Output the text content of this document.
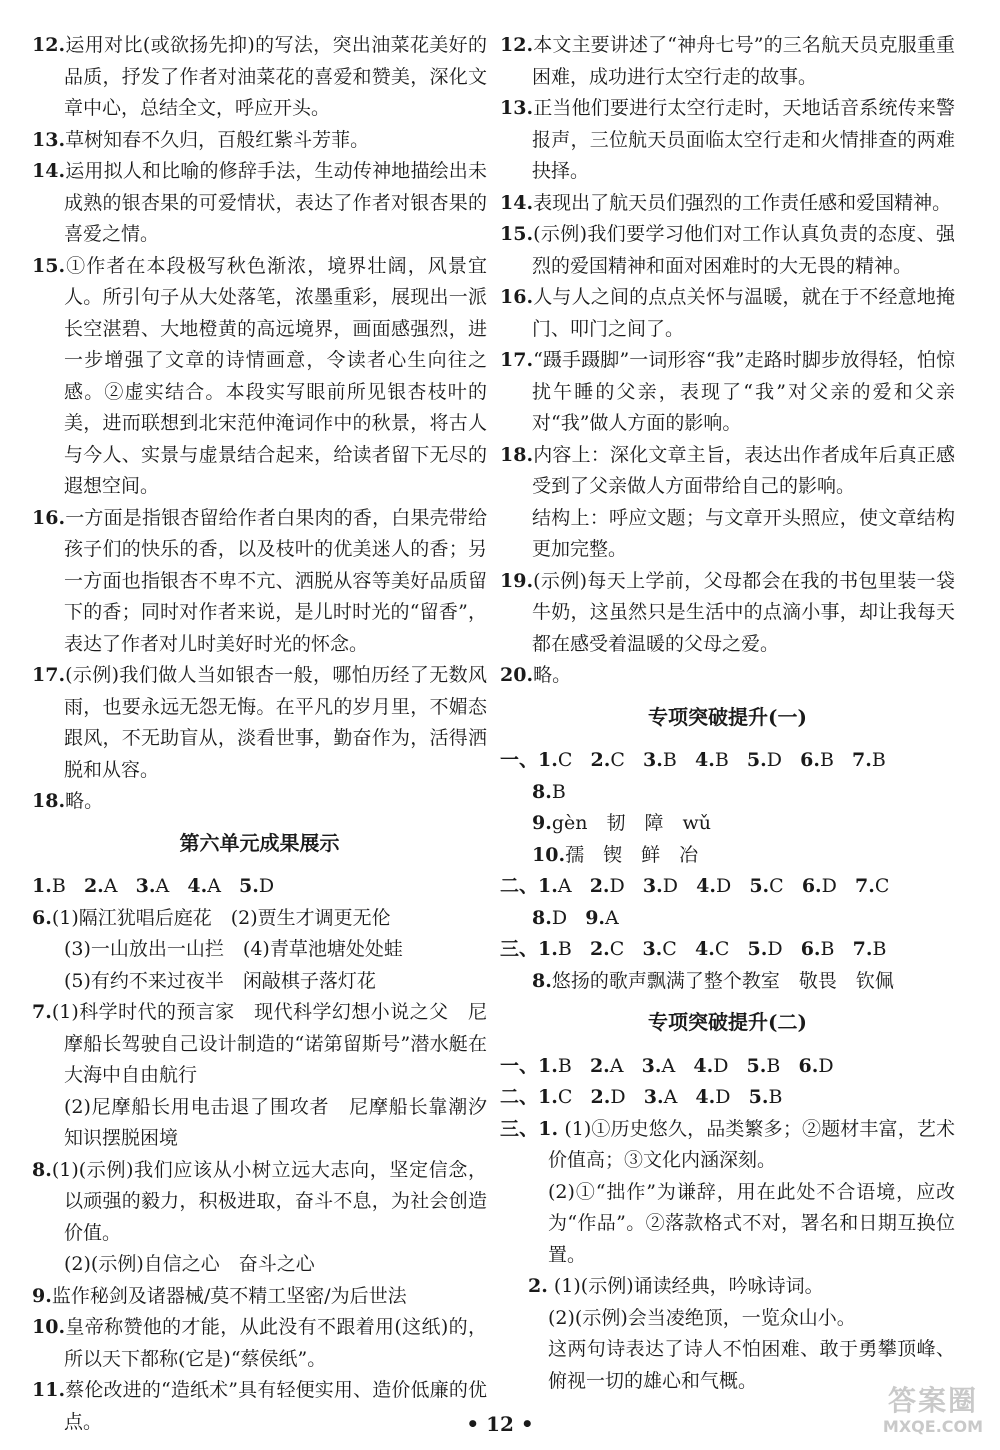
12.运用对比(或欲扬先抑)的写法，突出油菜花美好的品质，抒发了作者对油菜花的喜爱和赞美，深化文章中心，总结全文，呼应开头。
13.草树知春不久归，百般红紫斗芳菲。
14.运用拟人和比喻的修辞手法，生动传神地描绘出未成熟的银杏果的可爱情状，表达了作者对银杏果的喜爱之情。
15.①作者在本段极写秋色渐浓，境界壮阔，风景宜人。所引句子从大处落笔，浓墨重彩，展现出一派长空湛碧、大地橙黄的高远境界，画面感强烈，进一步增强了文章的诗情画意，令读者心生向往之感。②虚实结合。本段实写眼前所见银杏枝叶的美，进而联想到北宋范仲淹词作中的秋景，将古人与今人、实景与虚景结合起来，给读者留下无尽的遐想空间。
16.一方面是指银杏留给作者白果肉的香，白果壳带给孩子们的快乐的香，以及枝叶的优美迷人的香；另一方面也指银杏不卑不亢、洒脱从容等美好品质留下的香；同时对作者来说，是儿时时光的“留香”，表达了作者对儿时美好时光的怀念。
17.(示例)我们做人当如银杏一般，哪怕历经了无数风雨，也要永远无怨无悔。在平凡的岁月里，不媚态跟风，不无助盲从，淡看世事，勤奋作为，活得洒脱和从容。
18.略。
第六单元成果展示
1.B 2.A 3.A 4.A 5.D
6.(1)隔江犹唱后庭花　(2)贾生才调更无伦
(3)一山放出一山拦　(4)青草池塘处处蛙
(5)有约不来过夜半　闲敲棋子落灯花
7.(1)科学时代的预言家　现代科学幻想小说之父　尼摩船长驾驶自己设计制造的“诺第留斯号”潜水艇在大海中自由航行
(2)尼摩船长用电击退了围攻者　尼摩船长靠潮汐知识摆脱困境
8.(1)(示例)我们应该从小树立远大志向，坚定信念，以顽强的毅力，积极进取，奋斗不息，为社会创造价值。
(2)(示例)自信之心　奋斗之心
9.监作秘剑及诸器械/莫不精工坚密/为后世法
10.皇帝称赞他的才能，从此没有不跟着用(这纸)的，所以天下都称(它是)“蔡侯纸”。
11.蔡伦改进的“造纸术”具有轻便实用、造价低廉的优点。
12.本文主要讲述了“神舟七号”的三名航天员克服重重困难，成功进行太空行走的故事。
13.正当他们要进行太空行走时，天地话音系统传来警报声，三位航天员面临太空行走和火情排查的两难抉择。
14.表现出了航天员们强烈的工作责任感和爱国精神。
15.(示例)我们要学习他们对工作认真负责的态度、强烈的爱国精神和面对困难时的大无畏的精神。
16.人与人之间的点点关怀与温暖，就在于不经意地掩门、叩门之间了。
17.“蹑手蹑脚”一词形容“我”走路时脚步放得轻，怕惊扰午睡的父亲，表现了“我”对父亲的爱和父亲对“我”做人方面的影响。
18.内容上：深化文章主旨，表达出作者成年后真正感受到了父亲做人方面带给自己的影响。
结构上：呼应文题；与文章开头照应，使文章结构更加完整。
19.(示例)每天上学前，父母都会在我的书包里装一袋牛奶，这虽然只是生活中的点滴小事，却让我每天都在感受着温暖的父母之爱。
20.略。
专项突破提升(一)
一、1.C 2.C 3.B 4.B 5.D 6.B 7.B
8.B
9.gèn　韧　障　wǔ
10.孺　锲　鲜　冶
二、1.A 2.D 3.D 4.D 5.C 6.D 7.C
8.D 9.A
三、1.B 2.C 3.C 4.C 5.D 6.B 7.B
8.悠扬的歌声飘满了整个教室　敬畏　钦佩
专项突破提升(二)
一、1.B 2.A 3.A 4.D 5.B 6.D
二、1.C 2.D 3.A 4.D 5.B
三、1. (1)①历史悠久，品类繁多；②题材丰富，艺术价值高；③文化内涵深刻。
(2)①“拙作”为谦辞，用在此处不合语境，应改为“作品”。②落款格式不对，署名和日期互换位置。
2. (1)(示例)诵读经典，吟咏诗词。
(2)(示例)会当凌绝顶，一览众山小。
这两句诗表达了诗人不怕困难、敢于勇攀顶峰、俯视一切的雄心和气概。
• 12 •
答案圈
MXQE.COM
